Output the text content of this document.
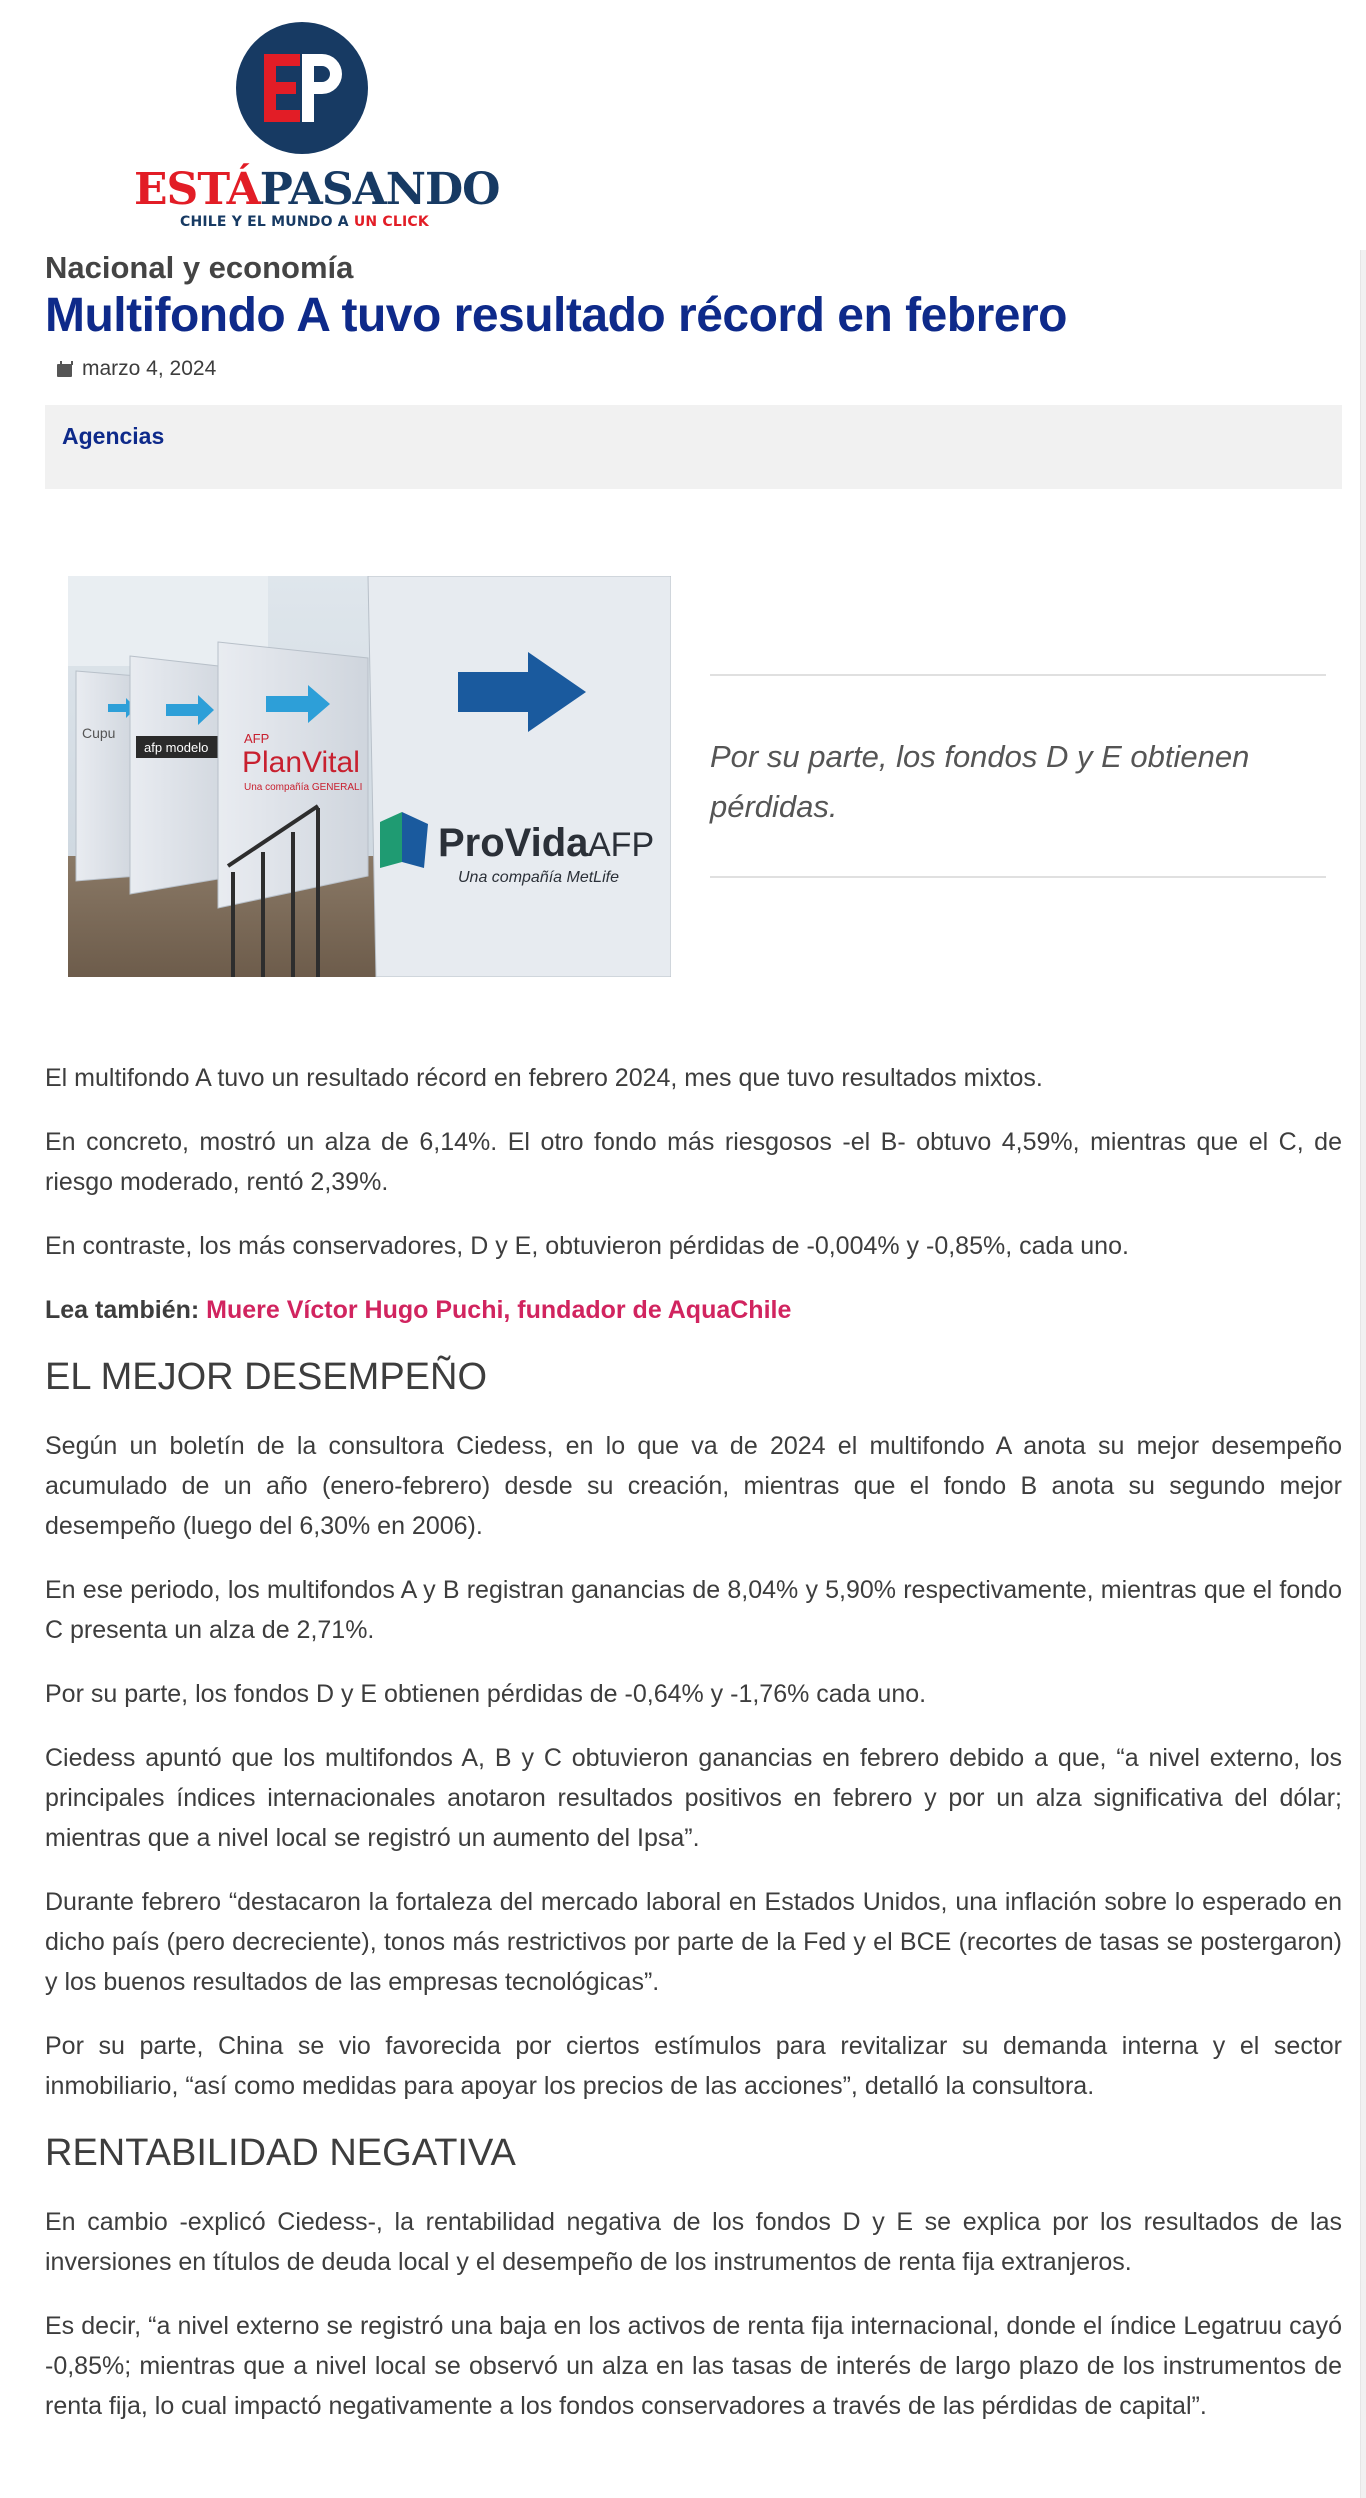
ESTÁPASANDO
CHILE Y EL MUNDO A UN CLICK
Nacional y economía
Multifondo A tuvo resultado récord en febrero
marzo 4, 2024
Agencias
Cupu
afp modelo
AFP
PlanVital
Una compañía GENERALI
ProVida AFP
Una compañía MetLife

Por su parte, los fondos D y E obtienen pérdidas.

El multifondo A tuvo un resultado récord en febrero 2024, mes que tuvo resultados mixtos.

En concreto, mostró un alza de 6,14%. El otro fondo más riesgosos -el B- obtuvo 4,59%, mientras que el C, de riesgo moderado, rentó 2,39%.

En contraste, los más conservadores, D y E, obtuvieron pérdidas de -0,004% y -0,85%, cada uno.

Lea también: Muere Víctor Hugo Puchi, fundador de AquaChile

EL MEJOR DESEMPEÑO

Según un boletín de la consultora Ciedess, en lo que va de 2024 el multifondo A anota su mejor desempeño acumulado de un año (enero-febrero) desde su creación, mientras que el fondo B anota su segundo mejor desempeño (luego del 6,30% en 2006).

En ese periodo, los multifondos A y B registran ganancias de 8,04% y 5,90% respectivamente, mientras que el fondo C presenta un alza de 2,71%.

Por su parte, los fondos D y E obtienen pérdidas de -0,64% y -1,76% cada uno.

Ciedess apuntó que los multifondos A, B y C obtuvieron ganancias en febrero debido a que, “a nivel externo, los principales índices internacionales anotaron resultados positivos en febrero y por un alza significativa del dólar; mientras que a nivel local se registró un aumento del Ipsa”.

Durante febrero “destacaron la fortaleza del mercado laboral en Estados Unidos, una inflación sobre lo esperado en dicho país (pero decreciente), tonos más restrictivos por parte de la Fed y el BCE (recortes de tasas se postergaron) y los buenos resultados de las empresas tecnológicas”.

Por su parte, China se vio favorecida por ciertos estímulos para revitalizar su demanda interna y el sector inmobiliario, “así como medidas para apoyar los precios de las acciones”, detalló la consultora.

RENTABILIDAD NEGATIVA

En cambio -explicó Ciedess-, la rentabilidad negativa de los fondos D y E se explica por los resultados de las inversiones en títulos de deuda local y el desempeño de los instrumentos de renta fija extranjeros.

Es decir, “a nivel externo se registró una baja en los activos de renta fija internacional, donde el índice Legatruu cayó -0,85%; mientras que a nivel local se observó un alza en las tasas de interés de largo plazo de los instrumentos de renta fija, lo cual impactó negativamente a los fondos conservadores a través de las pérdidas de capital”.
